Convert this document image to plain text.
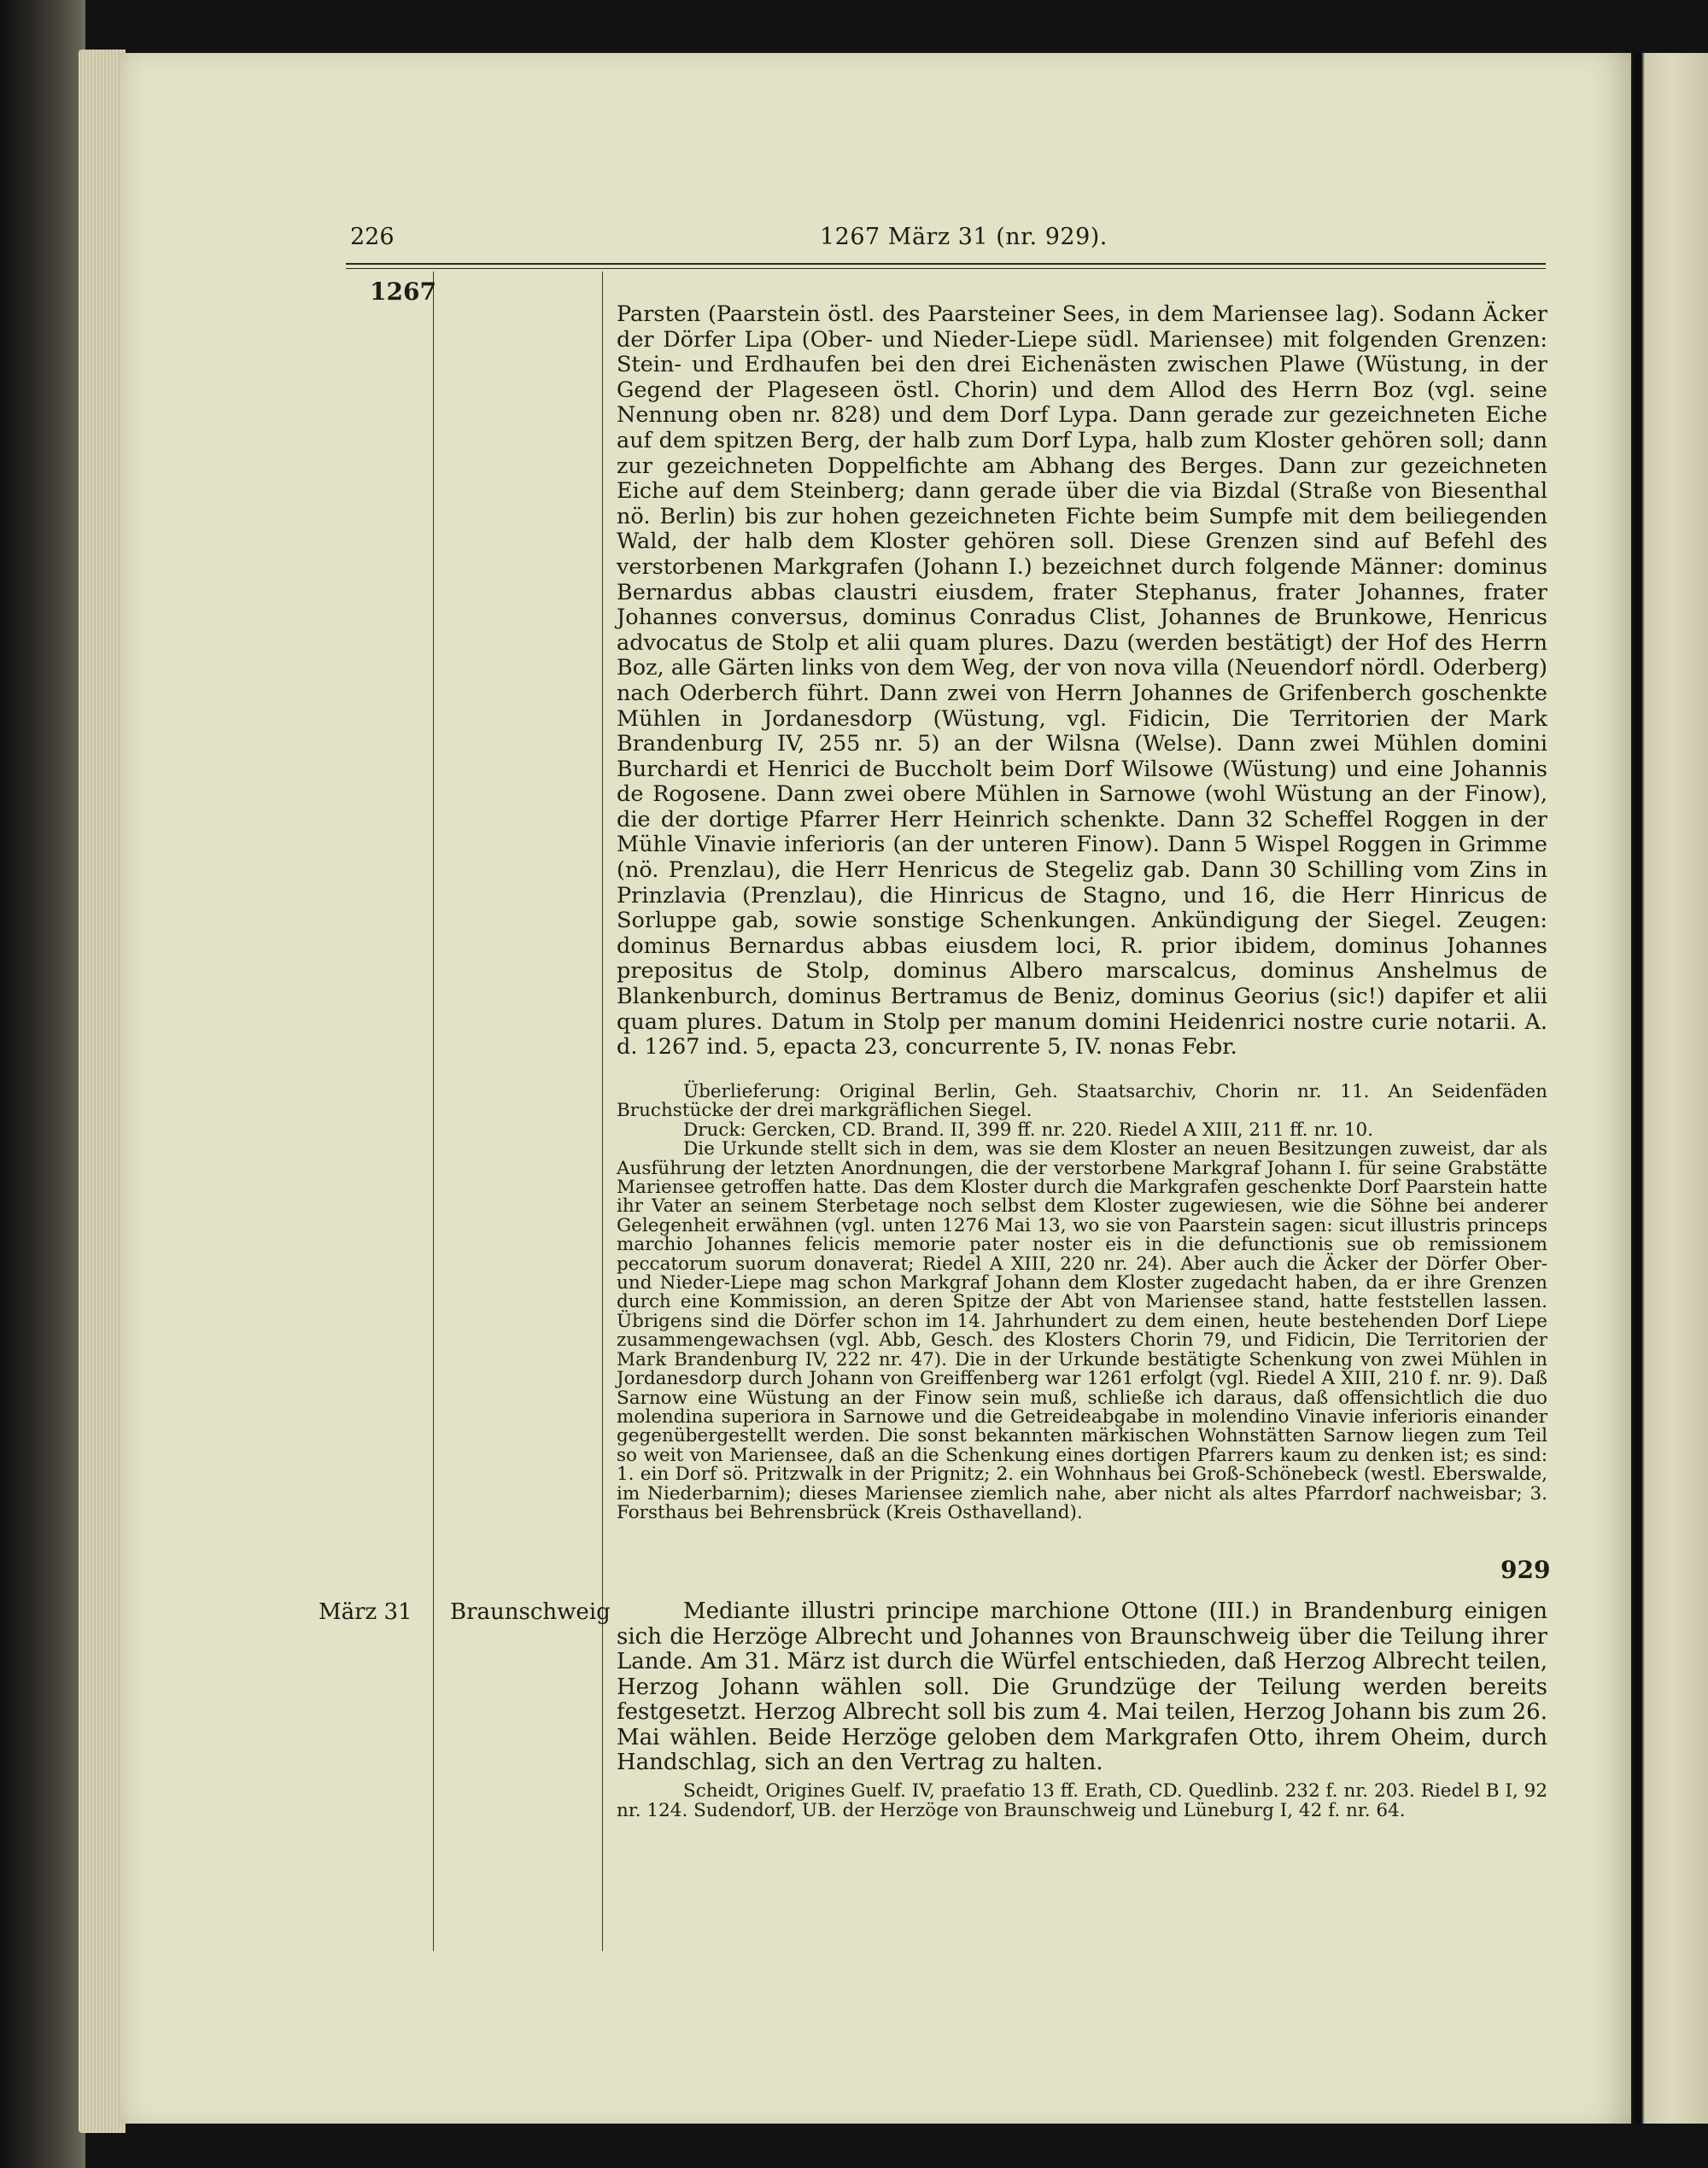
226	1267 März 31 (nr. 929).
1267

Parsten (Paarstein östl. des Paarsteiner Sees, in dem Mariensee lag). Sodann Äcker der Dörfer Lipa (Ober- und Nieder-Liepe südl. Mariensee) mit folgenden Grenzen: Stein- und Erdhaufen bei den drei Eichenästen zwischen Plawe (Wüstung, in der Gegend der Plageseen östl. Chorin) und dem Allod des Herrn Boz (vgl. seine Nennung oben nr. 828) und dem Dorf Lypa. Dann gerade zur gezeichneten Eiche auf dem spitzen Berg, der halb zum Dorf Lypa, halb zum Kloster gehören soll; dann zur gezeichneten Doppelfichte am Abhang des Berges. Dann zur gezeichneten Eiche auf dem Steinberg; dann gerade über die via Bizdal (Straße von Biesenthal nö. Berlin) bis zur hohen gezeichneten Fichte beim Sumpfe mit dem beiliegenden Wald, der halb dem Kloster gehören soll. Diese Grenzen sind auf Befehl des verstorbenen Markgrafen (Johann I.) bezeichnet durch folgende Männer: dominus Bernardus abbas claustri eiusdem, frater Stephanus, frater Johannes, frater Johannes conversus, dominus Conradus Clist, Johannes de Brunkowe, Henricus advocatus de Stolp et alii quam plures. Dazu (werden bestätigt) der Hof des Herrn Boz, alle Gärten links von dem Weg, der von nova villa (Neuendorf nördl. Oderberg) nach Oderberch führt. Dann zwei von Herrn Johannes de Grifenberch goschenkte Mühlen in Jordanesdorp (Wüstung, vgl. Fidicin, Die Territorien der Mark Brandenburg IV, 255 nr. 5) an der Wilsna (Welse). Dann zwei Mühlen domini Burchardi et Henrici de Buccholt beim Dorf Wilsowe (Wüstung) und eine Johannis de Rogosene. Dann zwei obere Mühlen in Sarnowe (wohl Wüstung an der Finow), die der dortige Pfarrer Herr Heinrich schenkte. Dann 32 Scheffel Roggen in der Mühle Vinavie inferioris (an der unteren Finow). Dann 5 Wispel Roggen in Grimme (nö. Prenzlau), die Herr Henricus de Stegeliz gab. Dann 30 Schilling vom Zins in Prinzlavia (Prenzlau), die Hinricus de Stagno, und 16, die Herr Hinricus de Sorluppe gab, sowie sonstige Schenkungen. Ankündigung der Siegel. Zeugen: dominus Bernardus abbas eiusdem loci, R. prior ibidem, dominus Johannes prepositus de Stolp, dominus Albero marscalcus, dominus Anshelmus de Blankenburch, dominus Bertramus de Beniz, dominus Georius (sic!) dapifer et alii quam plures. Datum in Stolp per manum domini Heidenrici nostre curie notarii. A. d. 1267 ind. 5, epacta 23, concurrente 5, IV. nonas Febr.

Überlieferung: Original Berlin, Geh. Staatsarchiv, Chorin nr. 11. An Seidenfäden Bruchstücke der drei markgräflichen Siegel.

Druck: Gercken, CD. Brand. II, 399 ff. nr. 220. Riedel A XIII, 211 ff. nr. 10.

Die Urkunde stellt sich in dem, was sie dem Kloster an neuen Besitzungen zuweist, dar als Ausführung der letzten Anordnungen, die der verstorbene Markgraf Johann I. für seine Grabstätte Mariensee getroffen hatte. Das dem Kloster durch die Markgrafen geschenkte Dorf Paarstein hatte ihr Vater an seinem Sterbetage noch selbst dem Kloster zugewiesen, wie die Söhne bei anderer Gelegenheit erwähnen (vgl. unten 1276 Mai 13, wo sie von Paarstein sagen: sicut illustris princeps marchio Johannes felicis memorie pater noster eis in die defunctionis sue ob remissionem peccatorum suorum donaverat; Riedel A XIII, 220 nr. 24). Aber auch die Äcker der Dörfer Ober- und Nieder-Liepe mag schon Markgraf Johann dem Kloster zugedacht haben, da er ihre Grenzen durch eine Kommission, an deren Spitze der Abt von Mariensee stand, hatte feststellen lassen. Übrigens sind die Dörfer schon im 14. Jahrhundert zu dem einen, heute bestehenden Dorf Liepe zusammengewachsen (vgl. Abb, Gesch. des Klosters Chorin 79, und Fidicin, Die Territorien der Mark Brandenburg IV, 222 nr. 47). Die in der Urkunde bestätigte Schenkung von zwei Mühlen in Jordanesdorp durch Johann von Greiffenberg war 1261 erfolgt (vgl. Riedel A XIII, 210 f. nr. 9). Daß Sarnow eine Wüstung an der Finow sein muß, schließe ich daraus, daß offensichtlich die duo molendina superiora in Sarnowe und die Getreideabgabe in molendino Vinavie inferioris einander gegenübergestellt werden. Die sonst bekannten märkischen Wohnstätten Sarnow liegen zum Teil so weit von Mariensee, daß an die Schenkung eines dortigen Pfarrers kaum zu denken ist; es sind: 1. ein Dorf sö. Pritzwalk in der Prignitz; 2. ein Wohnhaus bei Groß-Schönebeck (westl. Eberswalde, im Niederbarnim); dieses Mariensee ziemlich nahe, aber nicht als altes Pfarrdorf nachweisbar; 3. Forsthaus bei Behrensbrück (Kreis Osthavelland).

929
März 31 Braunschweig	Mediante illustri principe marchione Ottone (III.) in Brandenburg einigen sich die Herzöge Albrecht und Johannes von Braunschweig über die Teilung ihrer Lande. Am 31. März ist durch die Würfel entschieden, daß Herzog Albrecht teilen, Herzog Johann wählen soll. Die Grundzüge der Teilung werden bereits festgesetzt. Herzog Albrecht soll bis zum 4. Mai teilen, Herzog Johann bis zum 26. Mai wählen. Beide Herzöge geloben dem Markgrafen Otto, ihrem Oheim, durch Handschlag, sich an den Vertrag zu halten.

Scheidt, Origines Guelf. IV, praefatio 13 ff. Erath, CD. Quedlinb. 232 f. nr. 203. Riedel B I, 92 nr. 124. Sudendorf, UB. der Herzöge von Braunschweig und Lüneburg I, 42 f. nr. 64.
